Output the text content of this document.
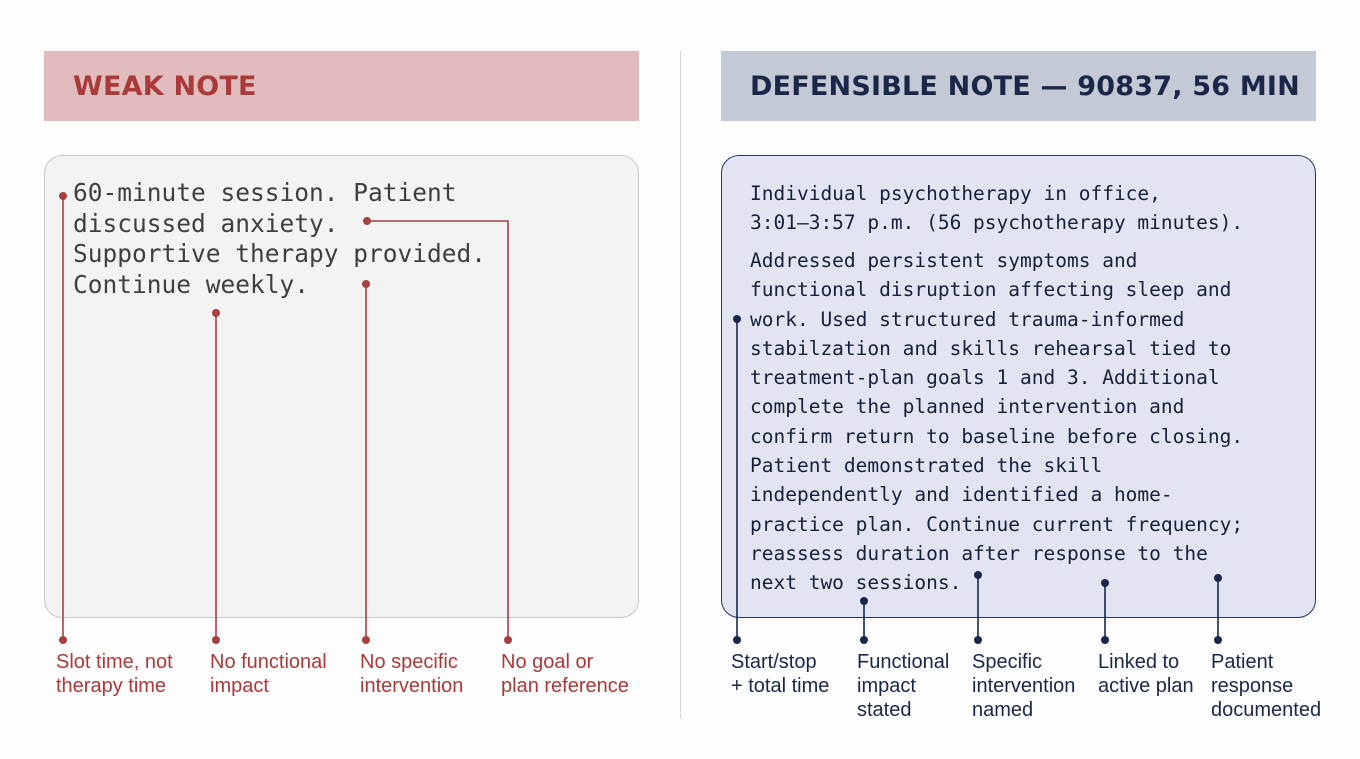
WEAK NOTE	DEFENSIBLE NOTE — 90837, 56 MIN
60-minute session. Patient
discussed anxiety.
Supportive therapy provided.
Continue weekly.
Individual psychotherapy in office,
3:01–3:57 p.m. (56 psychotherapy minutes).
Addressed persistent symptoms and
functional disruption affecting sleep and
work. Used structured trauma-informed
stabilzation and skills rehearsal tied to
treatment-plan goals 1 and 3. Additional
complete the planned intervention and
confirm return to baseline before closing.
Patient demonstrated the skill
independently and identified a home-
practice plan. Continue current frequency;
reassess duration after response to the
next two sessions.

Slot time, not
therapy time

No functional
impact

No specific
intervention

No goal or
plan reference

Start/stop
+ total time

Functional
impact
stated

Specific
intervention
named

Linked to
active plan

Patient
response
documented
